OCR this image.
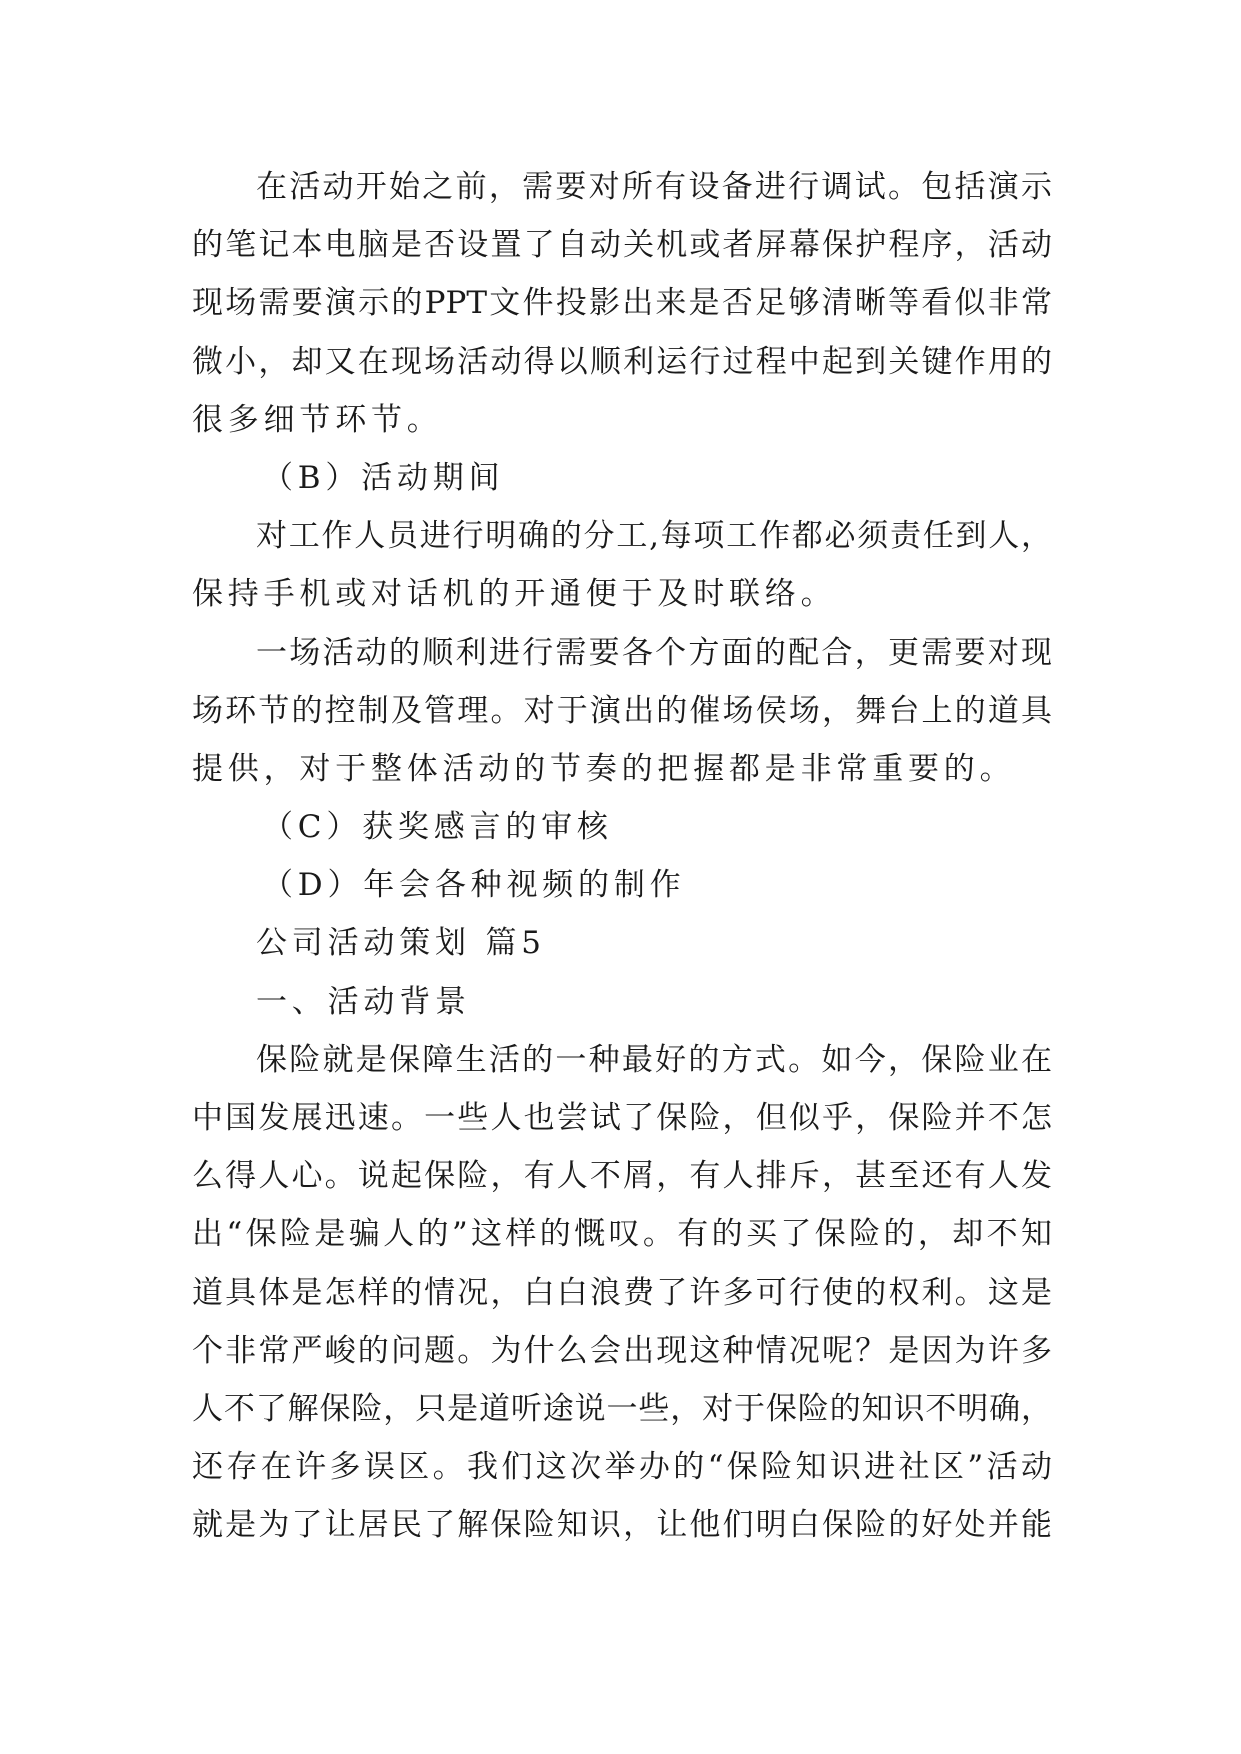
在活动开始之前，需要对所有设备进行调试。包括演示
的笔记本电脑是否设置了自动关机或者屏幕保护程序，活动
现场需要演示的PPT文件投影出来是否足够清晰等看似非常
微小，却又在现场活动得以顺利运行过程中起到关键作用的
很多细节环节。
（B）活动期间
对工作人员进行明确的分工,每项工作都必须责任到人，
保持手机或对话机的开通便于及时联络。
一场活动的顺利进行需要各个方面的配合，更需要对现
场环节的控制及管理。对于演出的催场侯场，舞台上的道具
提供，对于整体活动的节奏的把握都是非常重要的。
（C）获奖感言的审核
（D）年会各种视频的制作
公司活动策划 篇5
一、活动背景
保险就是保障生活的一种最好的方式。如今，保险业在
中国发展迅速。一些人也尝试了保险，但似乎，保险并不怎
么得人心。说起保险，有人不屑，有人排斥，甚至还有人发
出“保险是骗人的”这样的慨叹。有的买了保险的，却不知
道具体是怎样的情况，白白浪费了许多可行使的权利。这是
个非常严峻的问题。为什么会出现这种情况呢？是因为许多
人不了解保险，只是道听途说一些，对于保险的知识不明确，
还存在许多误区。我们这次举办的“保险知识进社区”活动
就是为了让居民了解保险知识，让他们明白保险的好处并能
